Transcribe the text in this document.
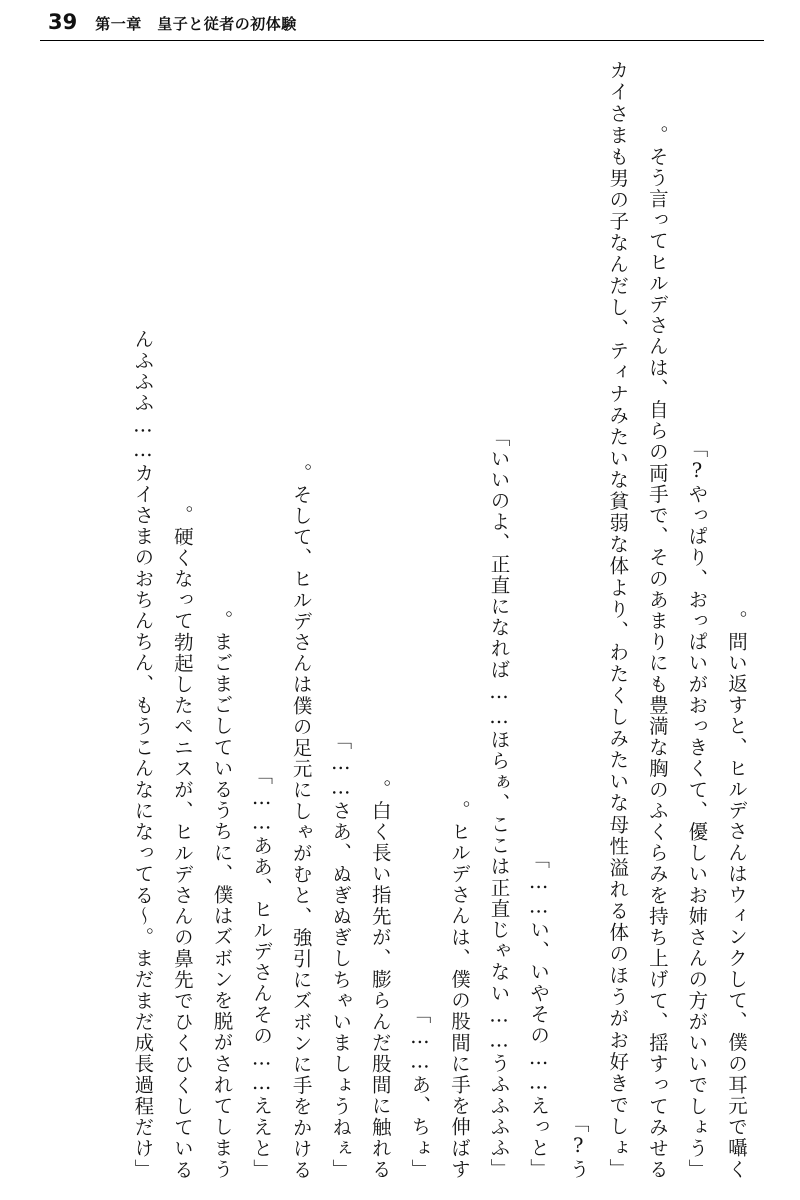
39 第一章　皇子と従者の初体験
問い返すと、ヒルデさんはウィンクして、僕の耳元で囁く。
「やっぱり、おっぱいがおっきくて、優しいお姉さんの方がいいでしょう?」
そう言ってヒルデさんは、自らの両手で、そのあまりにも豊満な胸のふくらみを持ち上げて、揺すってみせる。
「カイさまも男の子なんだし、ティナみたいな貧弱な体より、わたくしみたいな母性溢れる体のほうがお好きでしょう?」
「い、いやその……えっと……」
「いいのよ、正直になれば……ほらぁ、ここは正直じゃない……うふふふふ」
ヒルデさんは、僕の股間に手を伸ばす。
「あ、ちょ……」
白く長い指先が、膨らんだ股間に触れる。
「さあ、ぬぎぬぎしちゃいましょうねぇ……」
そして、ヒルデさんは僕の足元にしゃがむと、強引にズボンに手をかける。
「ああ、ヒルデさんその……ええと……」
まごまごしているうちに、僕はズボンを脱がされてしまう。
硬くなって勃起したペニスが、ヒルデさんの鼻先でひくひくしている。
「んふふふ……カイさまのおちんちん、もうこんなになってる〜。まだまだ成長過程だけ
